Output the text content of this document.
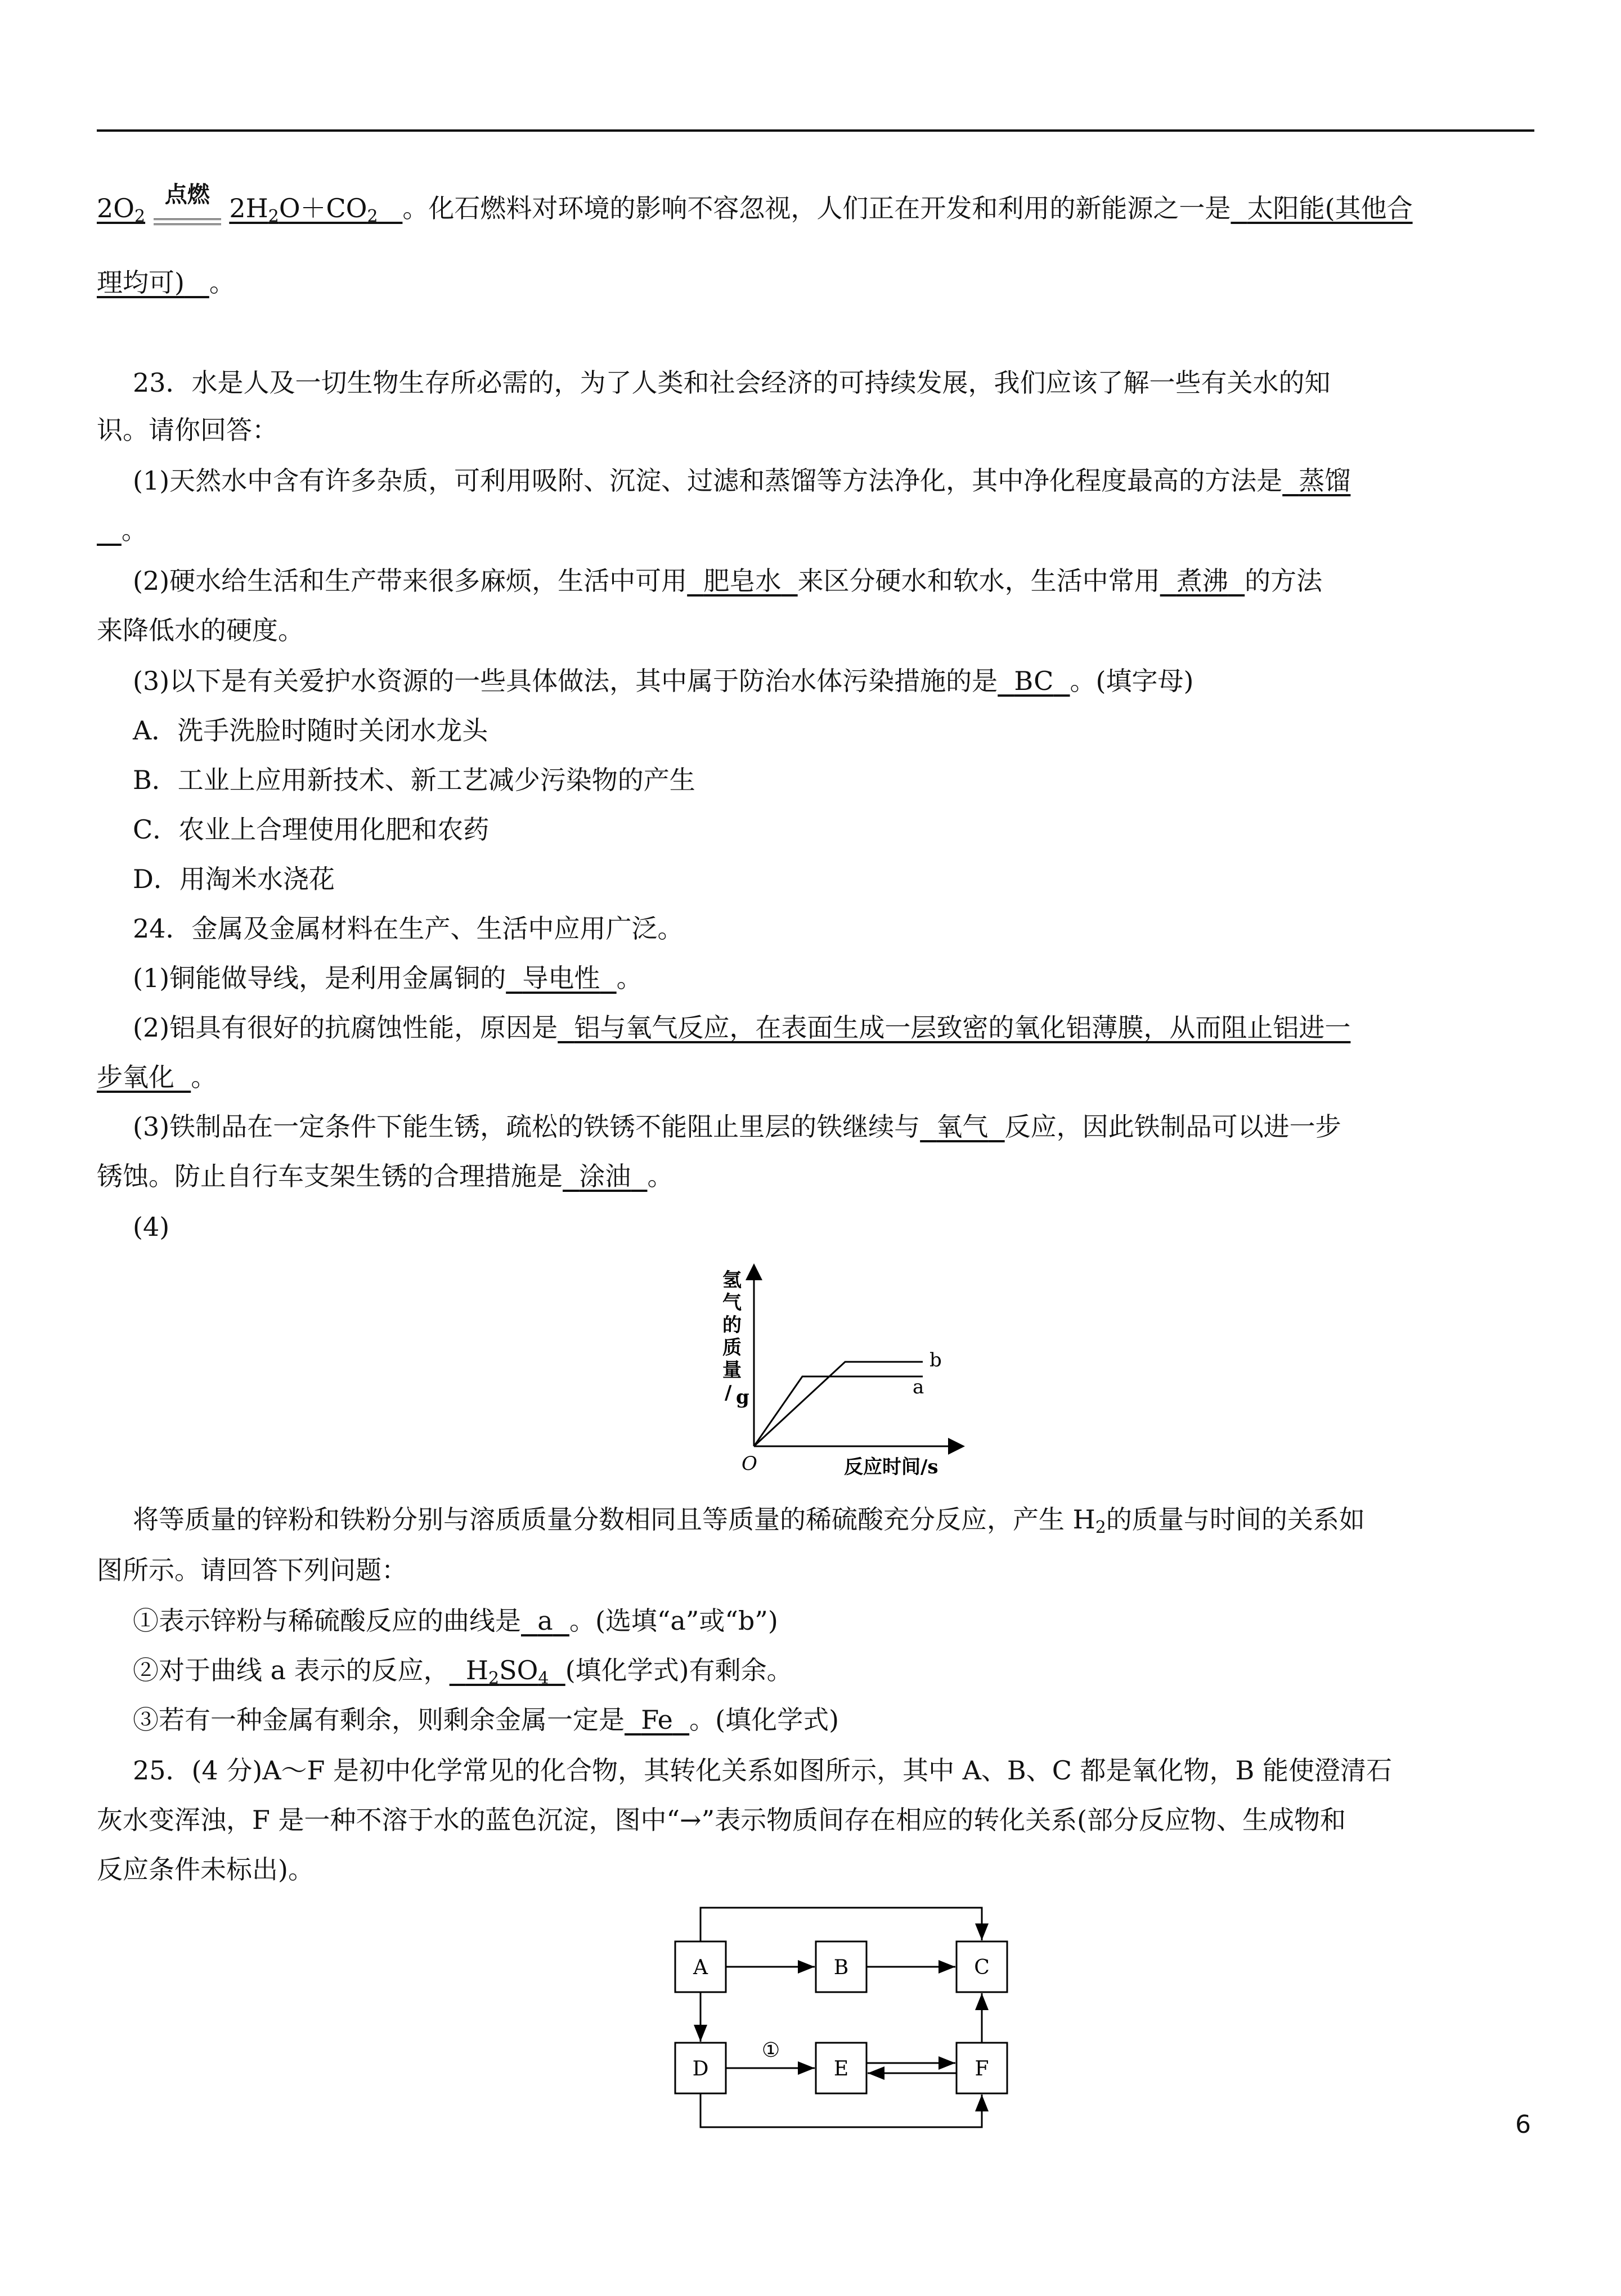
$2O_2$
点燃 $2H_2O+CO_2$ 。化石燃料对环境的影响不容忽视，人们正在开发和利用的新能源之一是 太阳能(其他合
理均可) 。
23．水是人及一切生物生存所必需的，为了人类和社会经济的可持续发展，我们应该了解一些有关水的知
识。请你回答：
(1)天然水中含有许多杂质，可利用吸附、沉淀、过滤和蒸馏等方法净化，其中净化程度最高的方法是 蒸馏
。
(2)硬水给生活和生产带来很多麻烦，生活中可用 肥皂水 来区分硬水和软水，生活中常用 煮沸 的方法
来降低水的硬度。
(3)以下是有关爱护水资源的一些具体做法，其中属于防治水体污染措施的是 BC 。(填字母)
A．洗手洗脸时随时关闭水龙头
B．工业上应用新技术、新工艺减少污染物的产生
C．农业上合理使用化肥和农药
D．用淘米水浇花
24．金属及金属材料在生产、生活中应用广泛。
(1)铜能做导线，是利用金属铜的 导电性 。
(2)铝具有很好的抗腐蚀性能，原因是 铝与氧气反应，在表面生成一层致密的氧化铝薄膜，从而阻止铝进一
步氧化 。
(3)铁制品在一定条件下能生锈，疏松的铁锈不能阻止里层的铁继续与 氧气 反应，因此铁制品可以进一步
锈蚀。防止自行车支架生锈的合理措施是 涂油 。
(4)
氢
气
的
质
量
/ g
O	反应时间/s
b
a
将等质量的锌粉和铁粉分别与溶质质量分数相同且等质量的稀硫酸充分反应，产生 $H_2$的质量与时间的关系如
图所示。请回答下列问题：
①表示锌粉与稀硫酸反应的曲线是 a 。(选填“a”或“b”)
②对于曲线 a 表示的反应， $H_2SO_4$ (填化学式)有剩余。
③若有一种金属有剩余，则剩余金属一定是 Fe 。(填化学式)
25．(4 分)A～F 是初中化学常见的化合物，其转化关系如图所示，其中 A、B、C 都是氧化物，B 能使澄清石
灰水变浑浊，F 是一种不溶于水的蓝色沉淀，图中“→”表示物质间存在相应的转化关系(部分反应物、生成物和
反应条件未标出)。
A	B	C
D	E	F
①
6
